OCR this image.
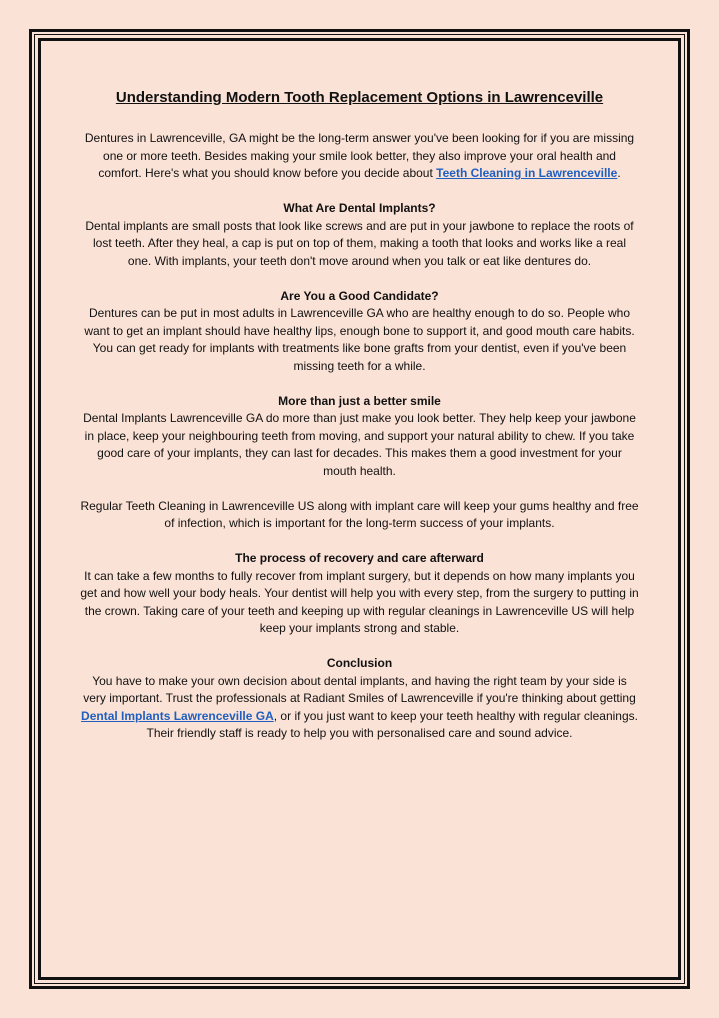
Understanding Modern Tooth Replacement Options in Lawrenceville

Dentures in Lawrenceville, GA might be the long-term answer you've been looking for if you are missing one or more teeth. Besides making your smile look better, they also improve your oral health and comfort. Here's what you should know before you decide about Teeth Cleaning in Lawrenceville.

What Are Dental Implants?
Dental implants are small posts that look like screws and are put in your jawbone to replace the roots of lost teeth. After they heal, a cap is put on top of them, making a tooth that looks and works like a real one. With implants, your teeth don't move around when you talk or eat like dentures do.

Are You a Good Candidate?
Dentures can be put in most adults in Lawrenceville GA who are healthy enough to do so. People who want to get an implant should have healthy lips, enough bone to support it, and good mouth care habits. You can get ready for implants with treatments like bone grafts from your dentist, even if you've been missing teeth for a while.

More than just a better smile
Dental Implants Lawrenceville GA do more than just make you look better. They help keep your jawbone in place, keep your neighbouring teeth from moving, and support your natural ability to chew. If you take good care of your implants, they can last for decades. This makes them a good investment for your mouth health.

Regular Teeth Cleaning in Lawrenceville US along with implant care will keep your gums healthy and free of infection, which is important for the long-term success of your implants.

The process of recovery and care afterward
It can take a few months to fully recover from implant surgery, but it depends on how many implants you get and how well your body heals. Your dentist will help you with every step, from the surgery to putting in the crown. Taking care of your teeth and keeping up with regular cleanings in Lawrenceville US will help keep your implants strong and stable.

Conclusion
You have to make your own decision about dental implants, and having the right team by your side is very important. Trust the professionals at Radiant Smiles of Lawrenceville if you're thinking about getting Dental Implants Lawrenceville GA, or if you just want to keep your teeth healthy with regular cleanings. Their friendly staff is ready to help you with personalised care and sound advice.
